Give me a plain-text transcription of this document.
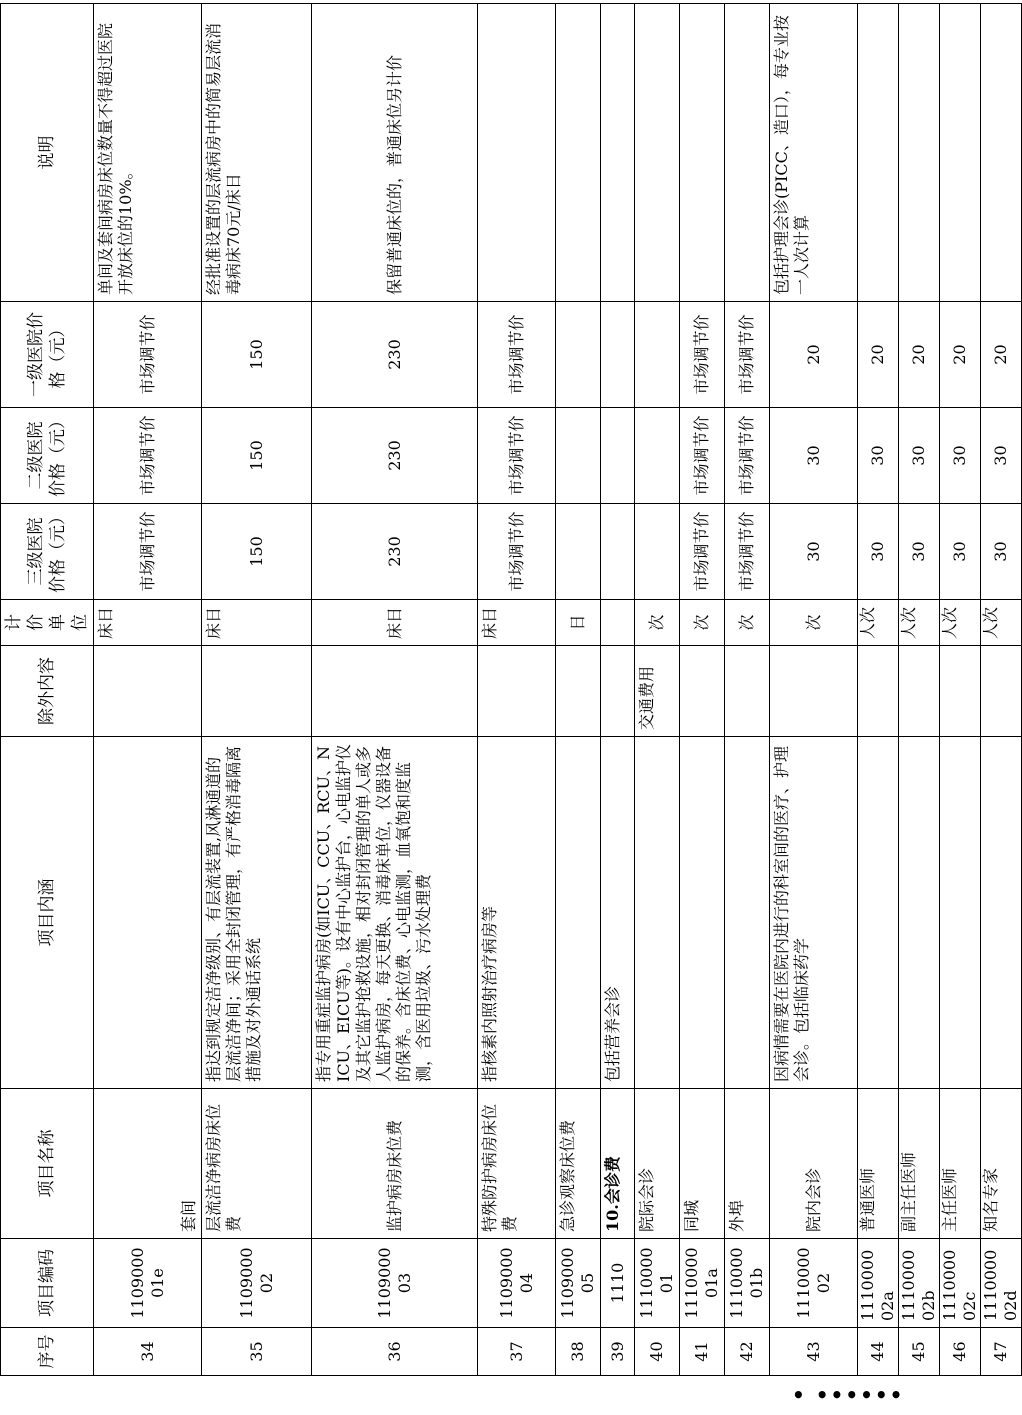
序号	项目编码	项目名称	项目内涵	除外内容	计价单位	三级医院价格（元）	二级医院价格（元）	一级医院价格（元）	说明
34	110900001e	套间			床日	市场调节价	市场调节价	市场调节价	单间及套间病房床位数量不得超过医院开放床位的10%。
35	110900002	层流洁净病房床位费	指达到规定洁净级别、有层流装置,风淋通道的层流洁净间；采用全封闭管理，有严格消毒隔离措施及对外通话系统		床日	150	150	150	经批准设置的层流病房中的简易层流消毒病床70元/床日
36	110900003	监护病房床位费	指专用重症监护病房(如ICU、CCU、RCU、NICU、EICU等)。设有中心监护台，心电监护仪及其它监护抢救设施，相对封闭管理的单人或多人监护病房，每天更换、消毒床单位，仪器设备的保养。含床位费、心电监测，血氧饱和度监测，含医用垃圾、污水处理费		床日	230	230	230	保留普通床位的，普通床位另计价
37	110900004	特殊防护病房床位费	指核素内照射治疗病房等		床日	市场调节价	市场调节价	市场调节价	
38	110900005	急诊观察床位费			日				
39	1110	10.会诊费	包括营养会诊						
40	111000001	院际会诊		交通费用	次				
41	111000001a	同城			次	市场调节价	市场调节价	市场调节价	
42	111000001b	外埠			次	市场调节价	市场调节价	市场调节价	
43	111000002	院内会诊	因病情需要在医院内进行的科室间的医疗、护理会诊。包括临床药学		次	30	30	20	包括护理会诊(PICC、造口），每专业按一人次计算
44	111000002a	普通医师			人次	30	30	20	
45	111000002b	副主任医师			人次	30	30	20	
46	111000002c	主任医师			人次	30	30	20	
47	111000002d	知名专家			人次	30	30	20	
• ••••••
